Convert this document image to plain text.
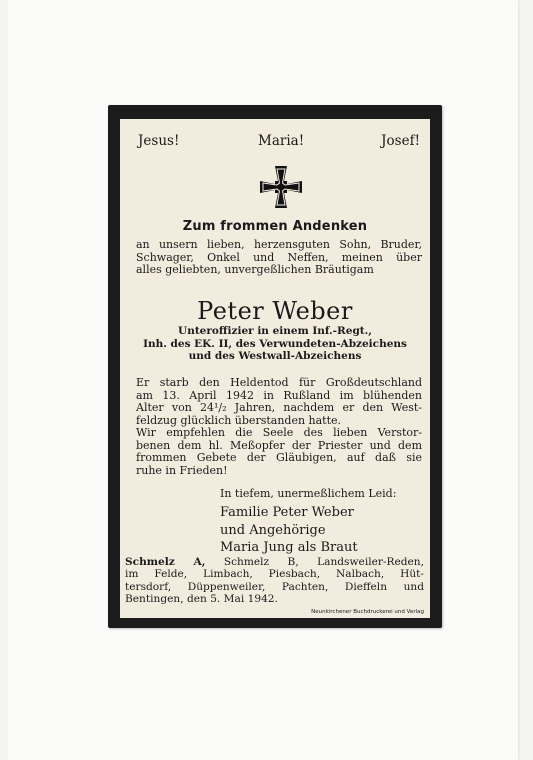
Jesus!	Maria!	Josef!
Zum frommen Andenken
an unsern lieben, herzensguten Sohn, Bruder,
Schwager, Onkel und Neffen, meinen über
alles geliebten, unvergeßlichen Bräutigam
Peter Weber
Unteroffizier in einem Inf.-Regt.,
Inh. des EK. II, des Verwundeten-Abzeichens
und des Westwall-Abzeichens
Er starb den Heldentod für Großdeutschland
am 13. April 1942 in Rußland im blühenden
Alter von 24¹/₂ Jahren, nachdem er den West-
feldzug glücklich überstanden hatte.
Wir empfehlen die Seele des lieben Verstor-
benen dem hl. Meßopfer der Priester und dem
frommen Gebete der Gläubigen, auf daß sie
ruhe in Frieden!
In tiefem, unermeßlichem Leid:
Familie Peter Weber
und Angehörige
Maria Jung als Braut
Schmelz A, Schmelz B, Landsweiler-Reden,
im Felde, Limbach, Piesbach, Nalbach, Hüt-
tersdorf, Düppenweiler, Pachten, Dieffeln und
Bentingen, den 5. Mai 1942.
Neunkirchener Buchdruckerei und Verlag
